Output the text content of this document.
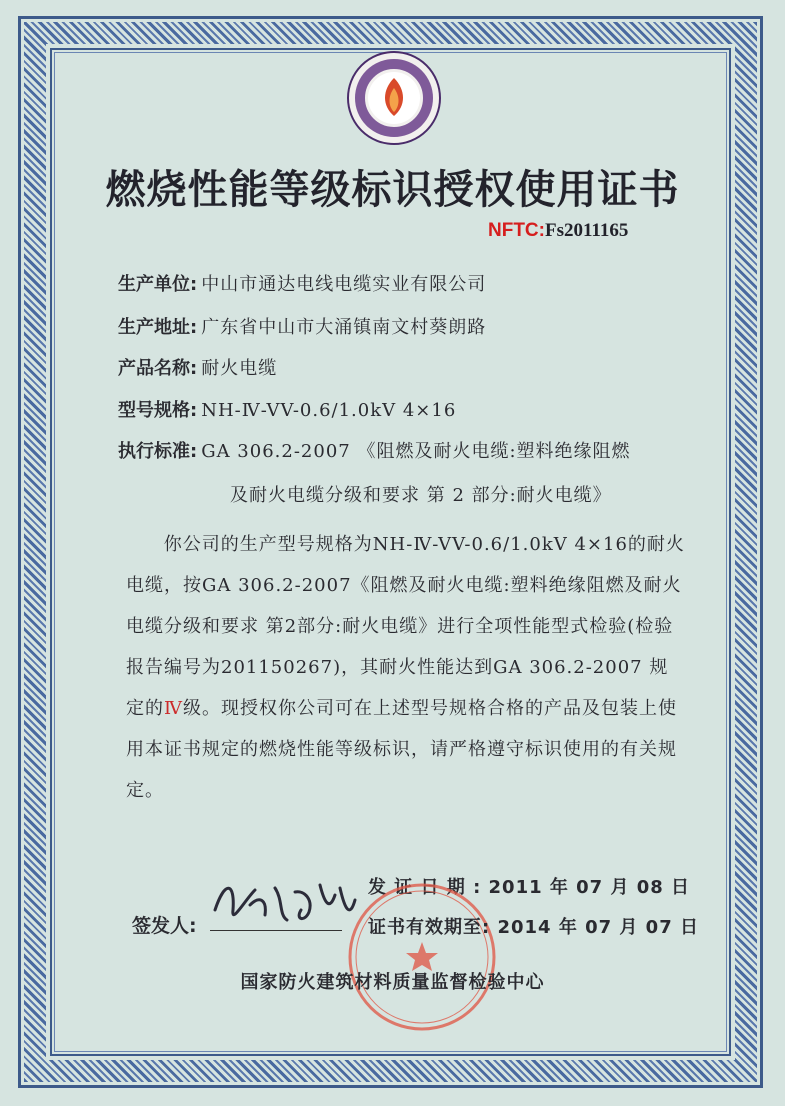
燃烧性能等级标识授权使用证书
NFTC:Fs2011165
生产单位: 中山市通达电线电缆实业有限公司
生产地址: 广东省中山市大涌镇南文村葵朗路
产品名称: 耐火电缆
型号规格: NH-Ⅳ-VV-0.6/1.0kV 4×16
执行标准: GA 306.2-2007 《阻燃及耐火电缆:塑料绝缘阻燃
及耐火电缆分级和要求 第 2 部分:耐火电缆》
你公司的生产型号规格为NH-Ⅳ-VV-0.6/1.0kV 4×16的耐火电缆，按GA 306.2-2007《阻燃及耐火电缆:塑料绝缘阻燃及耐火电缆分级和要求 第2部分:耐火电缆》进行全项性能型式检验(检验报告编号为201150267)，其耐火性能达到GA 306.2-2007 规定的Ⅳ级。现授权你公司可在上述型号规格合格的产品及包装上使用本证书规定的燃烧性能等级标识，请严格遵守标识使用的有关规定。
发 证 日 期 : 2011 年 07 月 08 日
签发人:	证书有效期至: 2014 年 07 月 07 日
国家防火建筑材料质量监督检验中心
